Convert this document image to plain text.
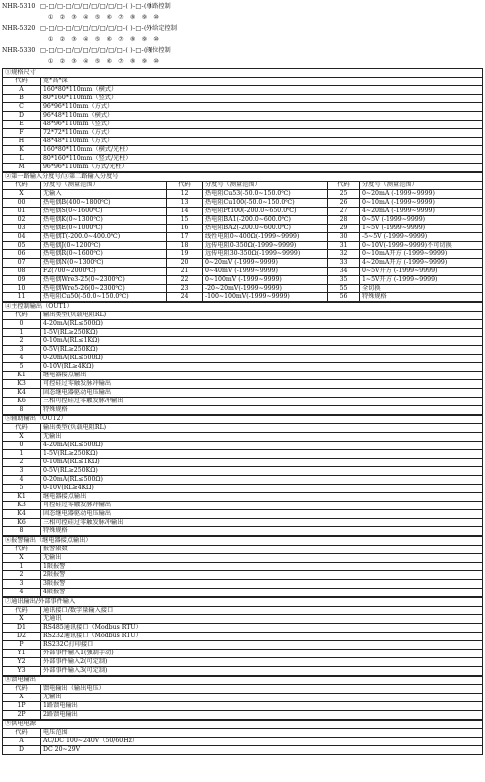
NHR-5310 □-□/□-□/□/□/□/□/□/□-( )-□-( )
单路控制
① ② ③ ④ ⑤ ⑥ ⑦ ⑧ ⑨ ⑩
NHR-5320 □-□/□-□/□/□/□/□/□/□-( )-□-( )
外给定控制
① ② ③ ④ ⑤ ⑥ ⑦ ⑧ ⑨ ⑩
NHR-5330 □-□/□-□/□/□/□/□/□/□-( )-□-( )
阀位控制
① ② ③ ④ ⑤ ⑥ ⑦ ⑧ ⑨ ⑩
①规格尺寸	
代码	宽*高*深
A	160*80*110mm（横式）
B	80*160*110mm（竖式）
C	96*96*110mm（方式）
D	96*48*110mm（横式）
E	48*96*110mm（竖式）
F	72*72*110mm（方式）
H	48*48*110mm（方式）
K	160*80*110mm（横式/光柱）
L	80*160*110mm（竖式/光柱）
M	96*96*110mm（方式/光柱）
②第一路输入分度号/③第二路输入分度号					
代码	分度号（测量范围）	代码	分度号（测量范围）	代码	分度号（测量范围）
X	无输入	12	热电阻Cu53(-50.0~150.0℃)	25	0~20mA (-1999~9999)
00	热电偶B(400~1800℃)	13	热电阻Cu100(-50.0~150.0℃)	26	0~10mA (-1999~9999)
01	热电偶S(0~1600℃)	14	热电阻Pt100(-200.0~650.0℃)	27	4~20mA (-1999~9999)
02	热电偶K(0~1300℃)	15	热电阻BA1(-200.0~600.0℃)	28	0~5V (-1999~9999)
03	热电偶E(0~1000℃)	16	热电阻BA2(-200.0~600.0℃)	29	1~5V (-1999~9999)
04	热电偶T(-200.0~400.0℃)	17	线性电阻0~400Ω(-1999~9999)	30	-5~5V (-1999~9999)
05	热电偶J(0~1200℃)	18	远传电阻0-350Ω(-1999~9999)	31	0~10V(-1999~9999)不可切换
06	热电偶R(0~1600℃)	19	远传电阻30-350Ω(-1999~9999)	32	0~10mA开方 (-1999~9999)
07	热电偶N(0~1300℃)	20	0~20mV (-1999~9999)	33	4~20mA开方 (-1999~9999)
08	F2(700~2000℃)	21	0~40mV (-1999~9999)	34	0~5V开方 (-1999~9999)
09	热电偶Wre3-25(0~2300℃)	22	0~100mV (-1999~9999)	35	1~5V开方 (-1999~9999)
10	热电偶Wre5-26(0~2300℃)	23	-20~20mV(-1999~9999)	55	全切换
11	热电阻Cu50(-50.0~150.0℃)	24	-100~100mV(-1999~9999)	56	特殊规格
④主控制输出（OUT1）	
代码	输出类型(负载电阻RL)
0	4-20mA(RL≤500Ω)
1	1-5V(RL≥250KΩ)
2	0-10mA(RL≤1KΩ)
3	0-5V(RL≥250KΩ)
4	0-20mA(RL≤500Ω)
5	0-10V(RL≥4KΩ)
K1	继电器接点输出
K3	可控硅过零触发脉冲输出
K4	固态继电器驱动电压输出
K6	三相可控硅过零触发脉冲输出
8	特殊规格
⑤辅助输出（OUT2）	
代码	输出类型(负载电阻RL)
X	无输出
0	4-20mA(RL≤500Ω)
1	1-5V(RL≥250KΩ)
2	0-10mA(RL≤1KΩ)
3	0-5V(RL≥250KΩ)
4	0-20mA(RL≤500Ω)
5	0-10V(RL≥4KΩ)
K1	继电器接点输出
K3	可控硅过零触发脉冲输出
K4	固态继电器驱动电压输出
K6	三相可控硅过零触发脉冲输出
8	特殊规格
⑥报警输出（继电器接点输出）	
代码	报警限数
X	无输出
1	1限报警
2	2限报警
3	3限报警
4	4限报警
⑦通讯输出/外部事件输入	
代码	通讯接口/数字量输入接口
X	无通讯
D1	RS485通讯接口（Modbus RTU）
D2	RS232通讯接口（Modbus RTU）
P	RS232C打印接口
Y1	外部事件输入1(强制手动)
Y2	外部事件输入2(可定制)
Y3	外部事件输入3(可定制)
⑧馈电输出	
代码	馈电输出（输出电压）
X	无输出
1P	1路馈电输出
2P	2路馈电输出
⑨供电电源	
代码	电压范围
A	AC/DC 100~240V（50/60Hz）
D	DC 20~29V
